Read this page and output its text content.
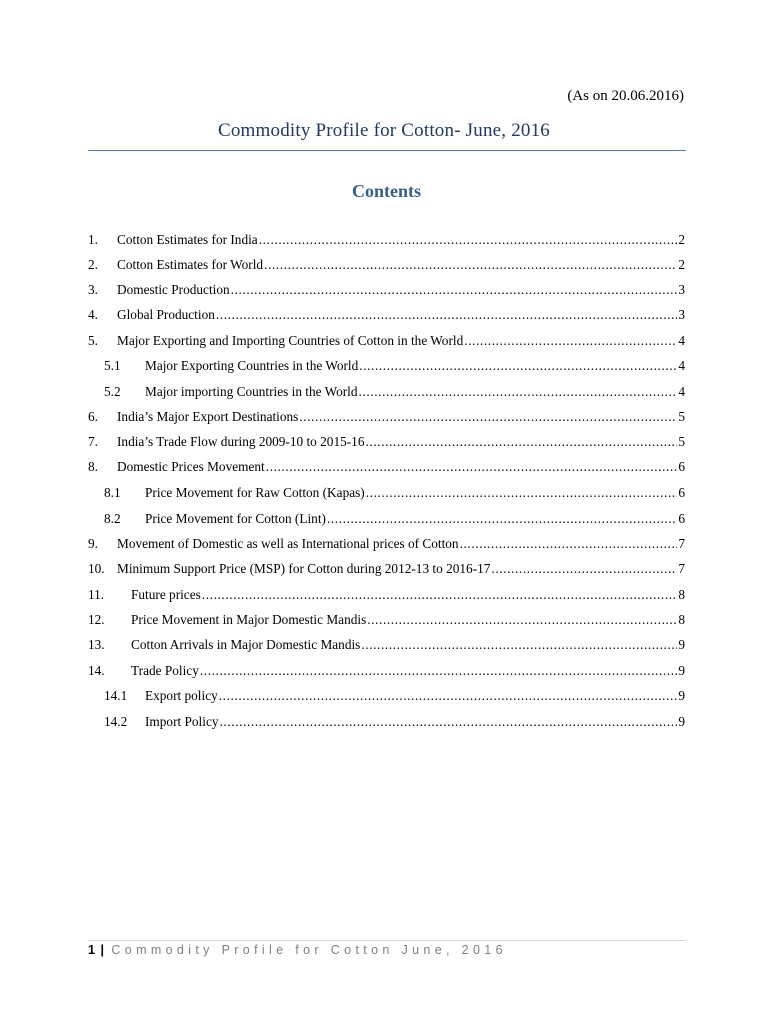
(As on 20.06.2016)
Commodity Profile for Cotton- June, 2016
Contents
1.	Cotton Estimates for India .....	2
2.	Cotton Estimates for World .....	2
3.	Domestic Production .....	3
4.	Global Production .....	3
5.	Major Exporting and Importing Countries of Cotton in the World .....	4
5.1	Major Exporting Countries in the World .....	4
5.2	Major importing Countries in the World .....	4
6.	India’s Major Export Destinations .....	5
7.	India’s Trade Flow during 2009-10 to 2015-16 .....	5
8.	Domestic Prices Movement .....	6
8.1	Price Movement for Raw Cotton (Kapas) .....	6
8.2	Price Movement for Cotton (Lint) .....	6
9.	Movement of Domestic as well as International prices of Cotton .....	7
10. Minimum Support Price (MSP) for Cotton during 2012-13 to 2016-17 .....	7
11.	Future prices .....	8
12.	Price Movement in Major Domestic Mandis .....	8
13.	Cotton Arrivals in Major Domestic Mandis .....	9
14.	Trade Policy .....	9
14.1	Export policy .....	9
14.2	Import Policy .....	9
1 | Commodity Profile for Cotton June, 2016
